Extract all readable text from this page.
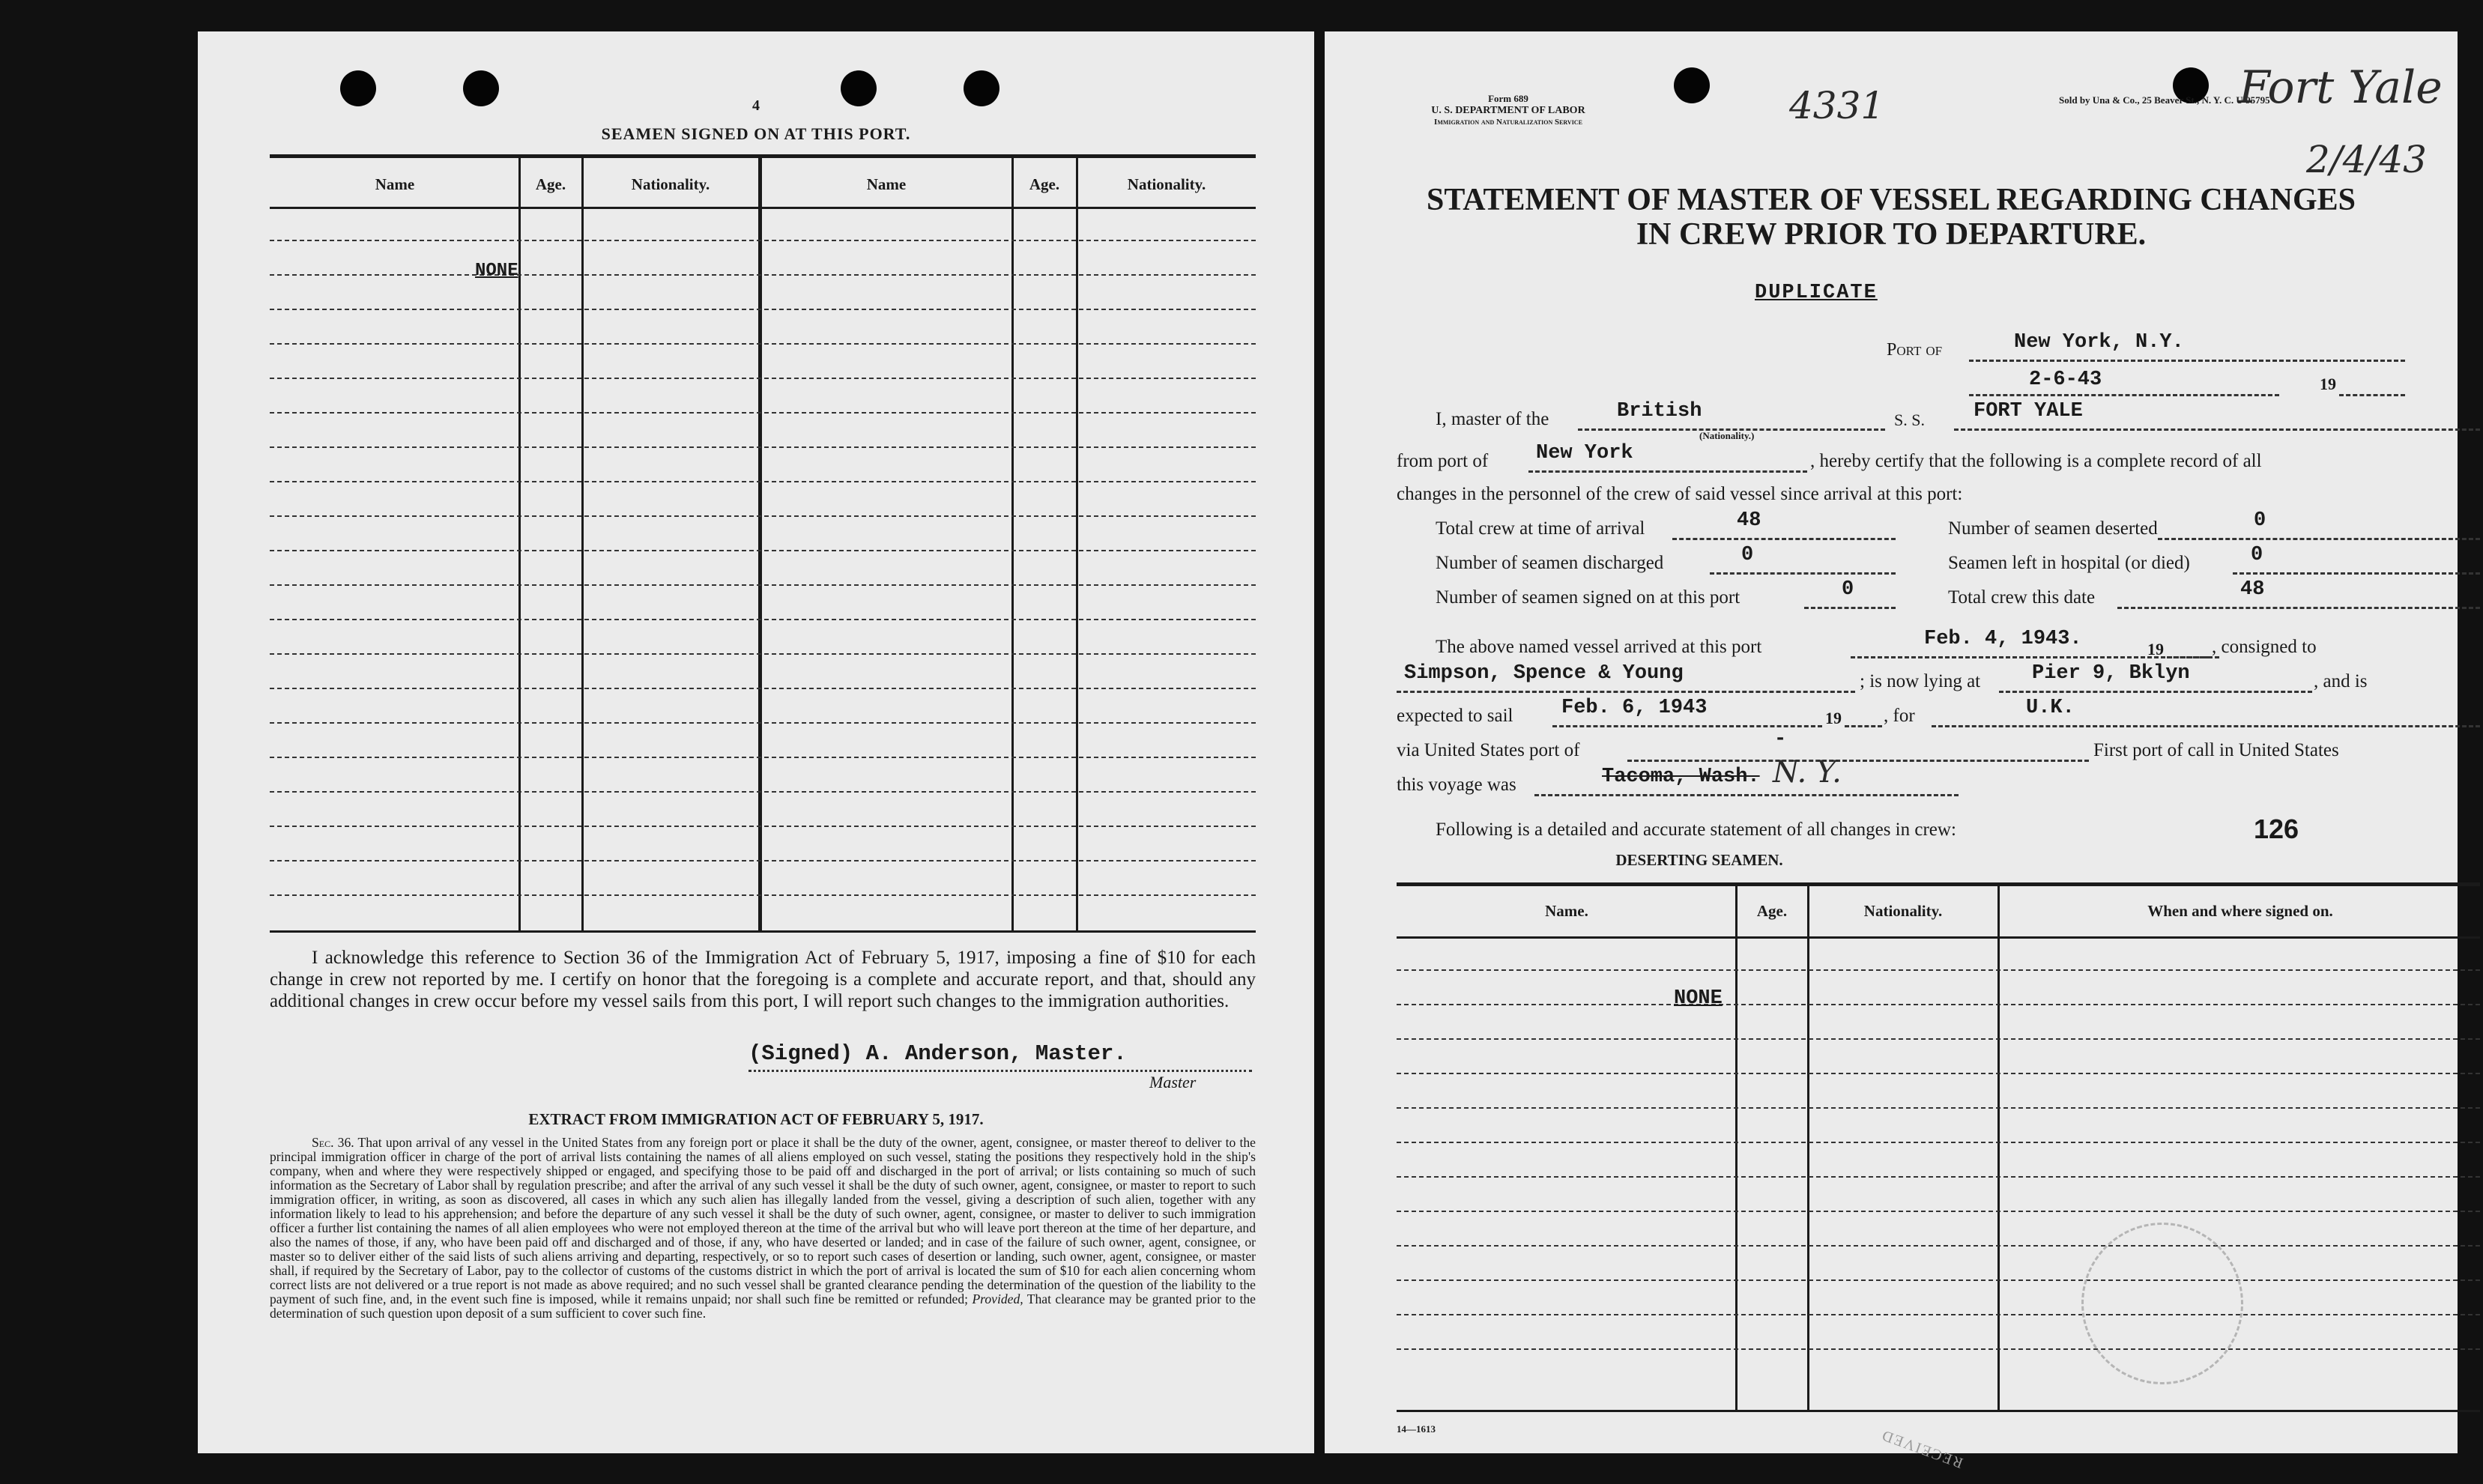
4
SEAMEN SIGNED ON AT THIS PORT.
Name	Age.	Nationality.	Name	Age.	Nationality.
NONE
I acknowledge this reference to Section 36 of the Immigration Act of February 5, 1917, imposing a fine of $10 for each change in crew not reported by me. I certify on honor that the foregoing is a complete and accurate report, and that, should any additional changes in crew occur before my vessel sails from this port, I will report such changes to the immigration authorities.
(Signed) A. Anderson, Master.
Master
EXTRACT FROM IMMIGRATION ACT OF FEBRUARY 5, 1917.
Sec. 36. That upon arrival of any vessel in the United States from any foreign port or place it shall be the duty of the owner, agent, consignee, or master thereof to deliver to the principal immigration officer in charge of the port of arrival lists containing the names of all aliens employed on such vessel, stating the positions they respectively hold in the ship's company, when and where they were respectively shipped or engaged, and specifying those to be paid off and discharged in the port of arrival; or lists containing so much of such information as the Secretary of Labor shall by regulation prescribe; and after the arrival of any such vessel it shall be the duty of such owner, agent, consignee, or master to report to such immigration officer, in writing, as soon as discovered, all cases in which any such alien has illegally landed from the vessel, giving a description of such alien, together with any information likely to lead to his apprehension; and before the departure of any such vessel it shall be the duty of such owner, agent, consignee, or master to deliver to such immigration officer a further list containing the names of all alien employees who were not employed thereon at the time of the arrival but who will leave port thereon at the time of her departure, and also the names of those, if any, who have been paid off and discharged and of those, if any, who have deserted or landed; and in case of the failure of such owner, agent, consignee, or master so to deliver either of the said lists of such aliens arriving and departing, respectively, or so to report such cases of desertion or landing, such owner, agent, consignee, or master shall, if required by the Secretary of Labor, pay to the collector of customs of the customs district in which the port of arrival is located the sum of $10 for each alien concerning whom correct lists are not delivered or a true report is not made as above required; and no such vessel shall be granted clearance pending the determination of the question of the liability to the payment of such fine, and, in the event such fine is imposed, while it remains unpaid; nor shall such fine be remitted or refunded; Provided, That clearance may be granted prior to the determination of such question upon deposit of a sum sufficient to cover such fine.
Form 689
U. S. DEPARTMENT OF LABOR
Immigration and Naturalization Service	4331	Sold by Una & Co., 25 Beaver St., N. Y. C. U 95795
Fort Yale
2/4/43
STATEMENT OF MASTER OF VESSEL REGARDING CHANGES
IN CREW PRIOR TO DEPARTURE.
DUPLICATE
Port of	New York, N.Y.
2-6-43	19
I, master of the	British
(Nationality.)
S. S. FORT YALE
from port of New York	, hereby certify that the following is a complete record of all
changes in the personnel of the crew of said vessel since arrival at this port:
Total crew at time of arrival	48	Number of seamen deserted	0
Number of seamen discharged	0	Seamen left in hospital (or died)	0
Number of seamen signed on at this port	0	Total crew this date	48
The above named vessel arrived at this port	Feb. 4, 1943.	19	, consigned to
Simpson, Spence & Young	; is now lying at	Pier 9, Bklyn	, and is
expected to sail Feb. 6, 1943	19 , for	U.K.
via United States port of	-	First port of call in United States
this voyage was	Tacoma, Wash. N. Y.
Following is a detailed and accurate statement of all changes in crew:	126
DESERTING SEAMEN.
Name.	Age.	Nationality.	When and where signed on.
NONE
RECEIVED
14—1613
